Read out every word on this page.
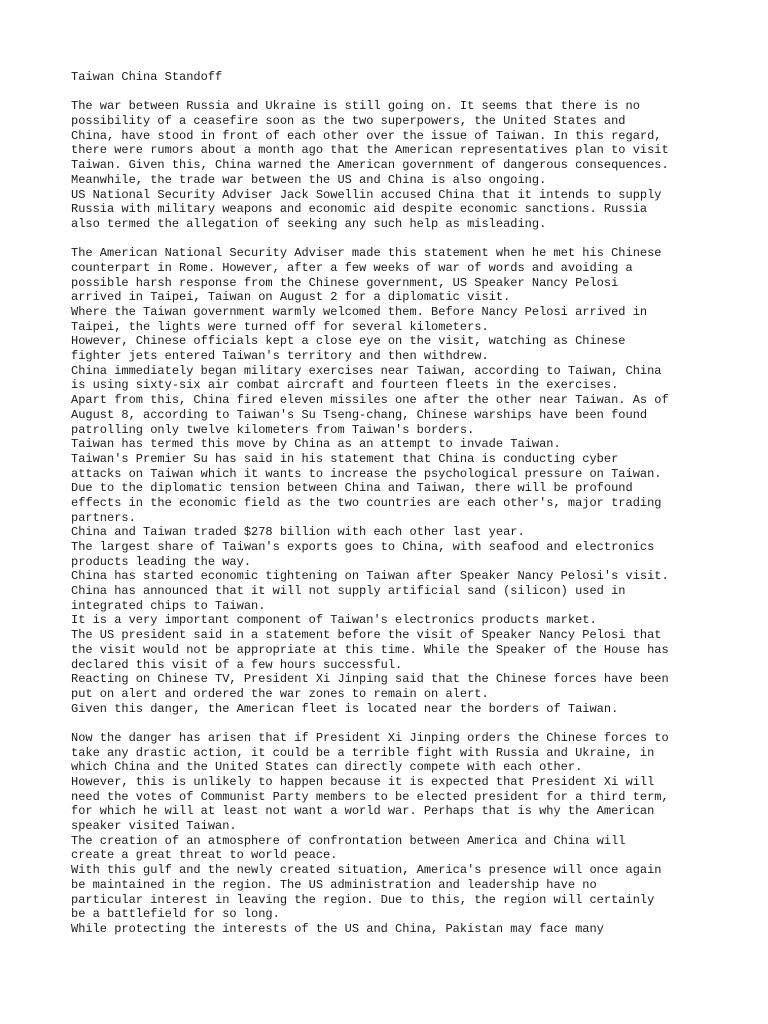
Taiwan China Standoff
The war between Russia and Ukraine is still going on. It seems that there is no
possibility of a ceasefire soon as the two superpowers, the United States and
China, have stood in front of each other over the issue of Taiwan. In this regard,
there were rumors about a month ago that the American representatives plan to visit
Taiwan. Given this, China warned the American government of dangerous consequences.
Meanwhile, the trade war between the US and China is also ongoing.
US National Security Adviser Jack Sowellin accused China that it intends to supply
Russia with military weapons and economic aid despite economic sanctions. Russia
also termed the allegation of seeking any such help as misleading.
The American National Security Adviser made this statement when he met his Chinese
counterpart in Rome. However, after a few weeks of war of words and avoiding a
possible harsh response from the Chinese government, US Speaker Nancy Pelosi
arrived in Taipei, Taiwan on August 2 for a diplomatic visit.
Where the Taiwan government warmly welcomed them. Before Nancy Pelosi arrived in
Taipei, the lights were turned off for several kilometers.
However, Chinese officials kept a close eye on the visit, watching as Chinese
fighter jets entered Taiwan's territory and then withdrew.
China immediately began military exercises near Taiwan, according to Taiwan, China
is using sixty-six air combat aircraft and fourteen fleets in the exercises.
Apart from this, China fired eleven missiles one after the other near Taiwan. As of
August 8, according to Taiwan's Su Tseng-chang, Chinese warships have been found
patrolling only twelve kilometers from Taiwan's borders.
Taiwan has termed this move by China as an attempt to invade Taiwan.
Taiwan's Premier Su has said in his statement that China is conducting cyber
attacks on Taiwan which it wants to increase the psychological pressure on Taiwan.
Due to the diplomatic tension between China and Taiwan, there will be profound
effects in the economic field as the two countries are each other's, major trading
partners.
China and Taiwan traded $278 billion with each other last year.
The largest share of Taiwan's exports goes to China, with seafood and electronics
products leading the way.
China has started economic tightening on Taiwan after Speaker Nancy Pelosi's visit.
China has announced that it will not supply artificial sand (silicon) used in
integrated chips to Taiwan.
It is a very important component of Taiwan's electronics products market.
The US president said in a statement before the visit of Speaker Nancy Pelosi that
the visit would not be appropriate at this time. While the Speaker of the House has
declared this visit of a few hours successful.
Reacting on Chinese TV, President Xi Jinping said that the Chinese forces have been
put on alert and ordered the war zones to remain on alert.
Given this danger, the American fleet is located near the borders of Taiwan.
Now the danger has arisen that if President Xi Jinping orders the Chinese forces to
take any drastic action, it could be a terrible fight with Russia and Ukraine, in
which China and the United States can directly compete with each other.
However, this is unlikely to happen because it is expected that President Xi will
need the votes of Communist Party members to be elected president for a third term,
for which he will at least not want a world war. Perhaps that is why the American
speaker visited Taiwan.
The creation of an atmosphere of confrontation between America and China will
create a great threat to world peace.
With this gulf and the newly created situation, America's presence will once again
be maintained in the region. The US administration and leadership have no
particular interest in leaving the region. Due to this, the region will certainly
be a battlefield for so long.
While protecting the interests of the US and China, Pakistan may face many
